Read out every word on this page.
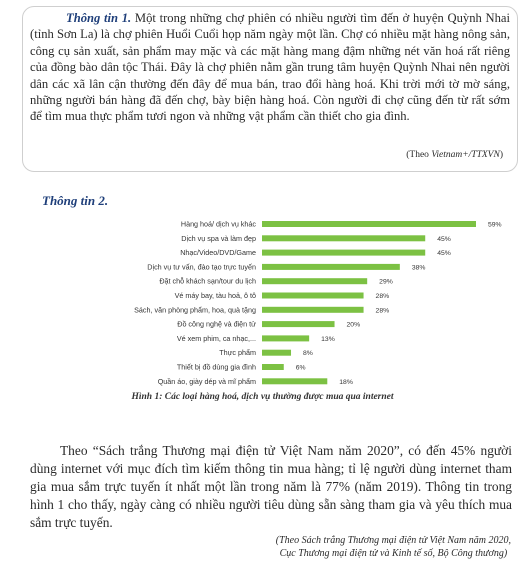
Thông tin 1. Một trong những chợ phiên có nhiều người tìm đến ở huyện Quỳnh Nhai (tỉnh Sơn La) là chợ phiên Huổi Cuổi họp năm ngày một lần. Chợ có nhiều mặt hàng nông sản, công cụ sản xuất, sản phẩm may mặc và các mặt hàng mang đậm những nét văn hoá rất riêng của đồng bào dân tộc Thái. Đây là chợ phiên nằm gần trung tâm huyện Quỳnh Nhai nên người dân các xã lân cận thường đến đây để mua bán, trao đổi hàng hoá. Khi trời mới tờ mờ sáng, những người bán hàng đã đến chợ, bày biện hàng hoá. Còn người đi chợ cũng đến từ rất sớm để tìm mua thực phẩm tươi ngon và những vật phẩm cần thiết cho gia đình.

(Theo Vietnam+/TTXVN)
Thông tin 2.
Hàng hoá/ dịch vụ khác	59%
Dịch vụ spa và làm đẹp	45%
Nhạc/Video/DVD/Game	45%
Dịch vụ tư vấn, đào tạo trực tuyến	38%
Đặt chỗ khách sạn/tour du lịch	29%
Vé máy bay, tàu hoả, ô tô	28%
Sách, văn phòng phẩm, hoa, quà tặng	28%
Đồ công nghệ và điện tử	20%
Vé xem phim, ca nhạc,...	13%
Thực phẩm	8%
Thiết bị đồ dùng gia đình	6%
Quần áo, giày dép và mĩ phẩm	18%
Hình 1: Các loại hàng hoá, dịch vụ thường được mua qua internet

Theo “Sách trắng Thương mại điện tử Việt Nam năm 2020”, có đến 45% người dùng internet với mục đích tìm kiếm thông tin mua hàng; tỉ lệ người dùng internet tham gia mua sắm trực tuyến ít nhất một lần trong năm là 77% (năm 2019). Thông tin trong hình 1 cho thấy, ngày càng có nhiều người tiêu dùng sẵn sàng tham gia và yêu thích mua sắm trực tuyến.

(Theo Sách trắng Thương mại điện tử Việt Nam năm 2020,
Cục Thương mại điện tử và Kinh tế số, Bộ Công thương)
